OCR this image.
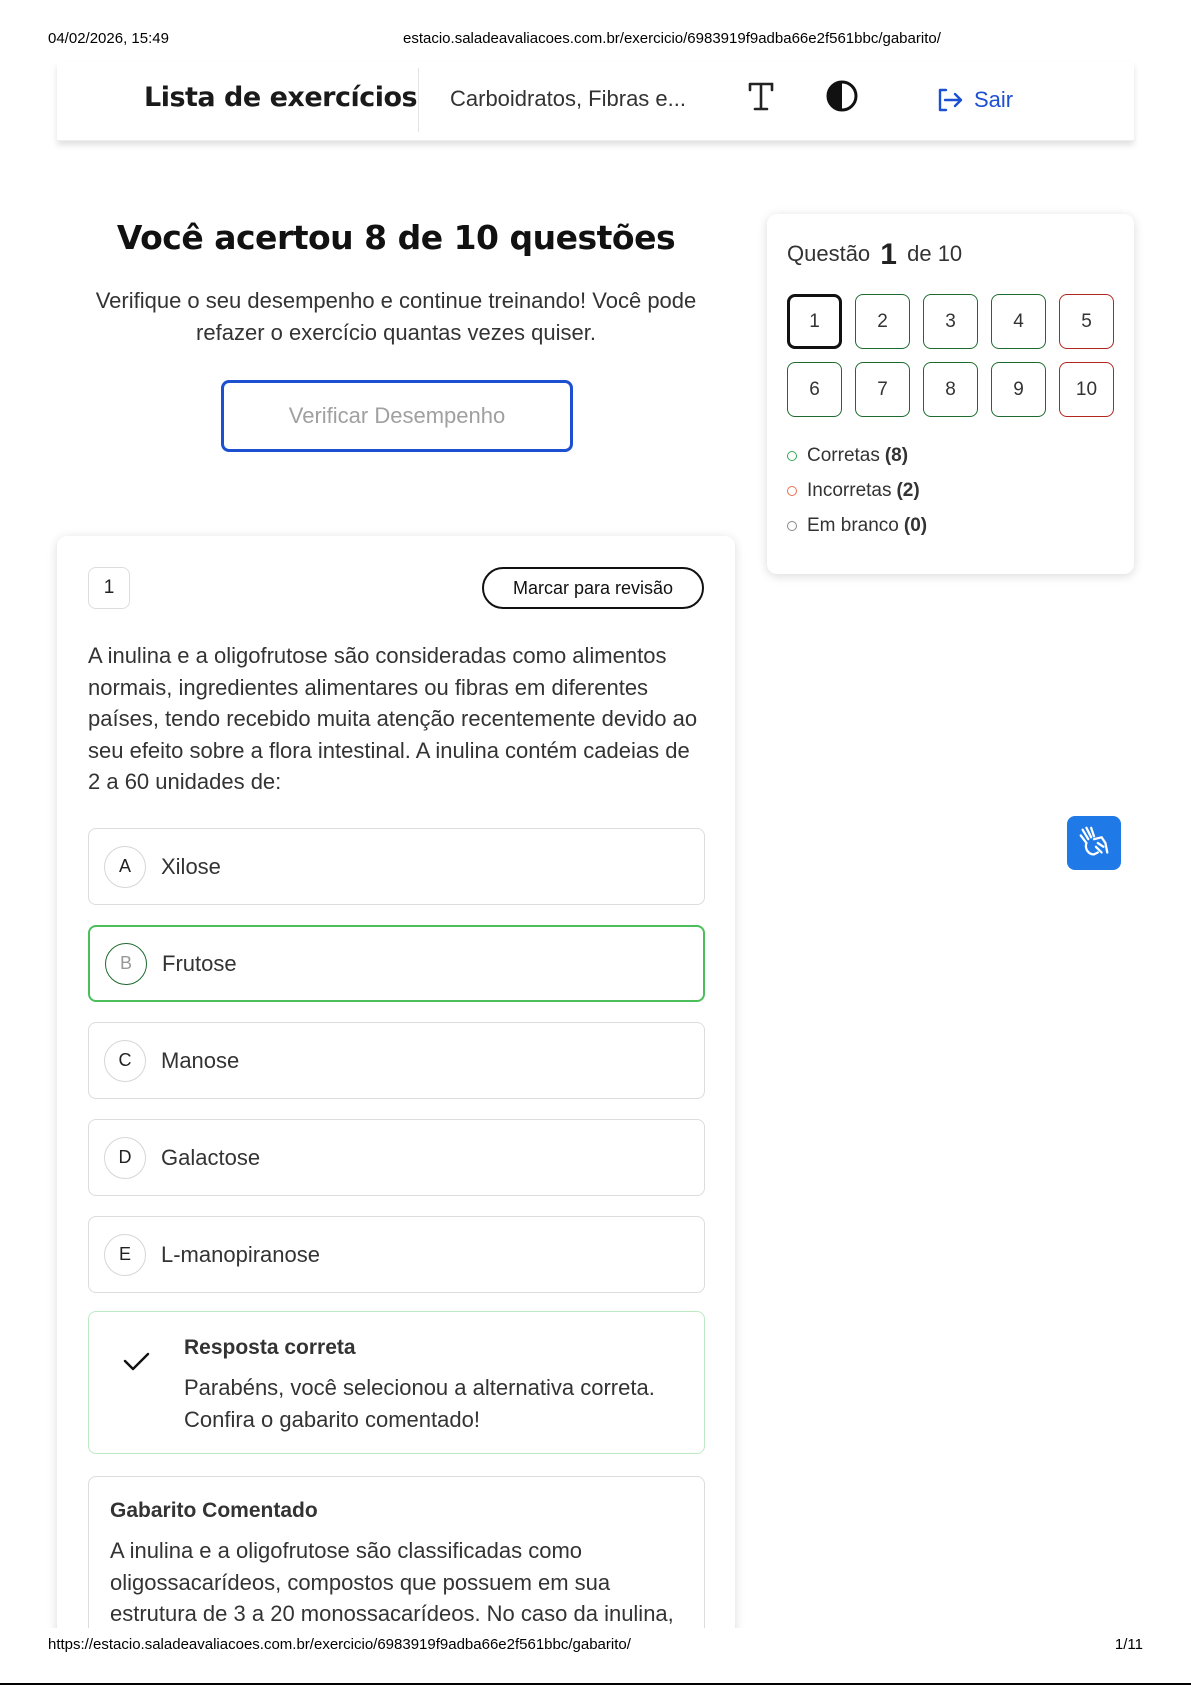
04/02/2026, 15:49	estacio.saladeavaliacoes.com.br/exercicio/6983919f9adba66e2f561bbc/gabarito/
Lista de exercícios Carboidratos, Fibras e...	Sair
Você acertou 8 de 10 questões
Verifique o seu desempenho e continue treinando! Você pode refazer o exercício quantas vezes quiser.
Verificar Desempenho
Questão 1 de 10
1	2	3	4	5
6	7	8	9	10
Corretas (8)
Incorretas (2)
Em branco (0)
1	Marcar para revisão
A inulina e a oligofrutose são consideradas como alimentos normais, ingredientes alimentares ou fibras em diferentes países, tendo recebido muita atenção recentemente devido ao seu efeito sobre a flora intestinal. A inulina contém cadeias de 2 a 60 unidades de:
A	Xilose
B	Frutose
C	Manose
D	Galactose
E	L-manopiranose
Resposta correta
Parabéns, você selecionou a alternativa correta. Confira o gabarito comentado!
Gabarito Comentado
A inulina e a oligofrutose são classificadas como oligossacarídeos, compostos que possuem em sua estrutura de 3 a 20 monossacarídeos. No caso da inulina,
https://estacio.saladeavaliacoes.com.br/exercicio/6983919f9adba66e2f561bbc/gabarito/	1/11
